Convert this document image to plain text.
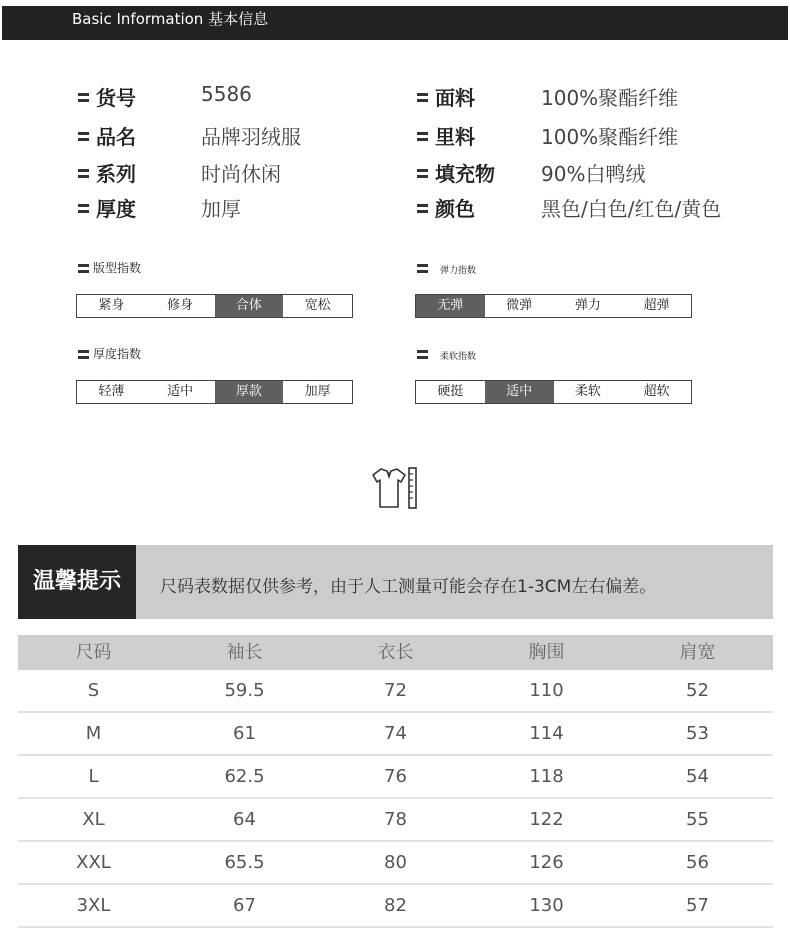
Basic Information 基本信息
货号	5586
品名	品牌羽绒服
系列	时尚休闲
厚度	加厚
面料	100%聚酯纤维
里料	100%聚酯纤维
填充物 90%白鸭绒
颜色	黑色/白色/红色/黄色
版型指数
紧身	修身	合体	宽松
弹力指数
无弹	微弹	弹力	超弹
厚度指数
轻薄	适中	厚款	加厚
柔软指数
硬挺	适中	柔软	超软
温馨提示	尺码表数据仅供参考，由于人工测量可能会存在1-3CM左右偏差。
尺码	袖长	衣长	胸围	肩宽
S	59.5	72	110	52
M	61	74	114	53
L	62.5	76	118	54
XL	64	78	122	55
XXL	65.5	80	126	56
3XL	67	82	130	57
